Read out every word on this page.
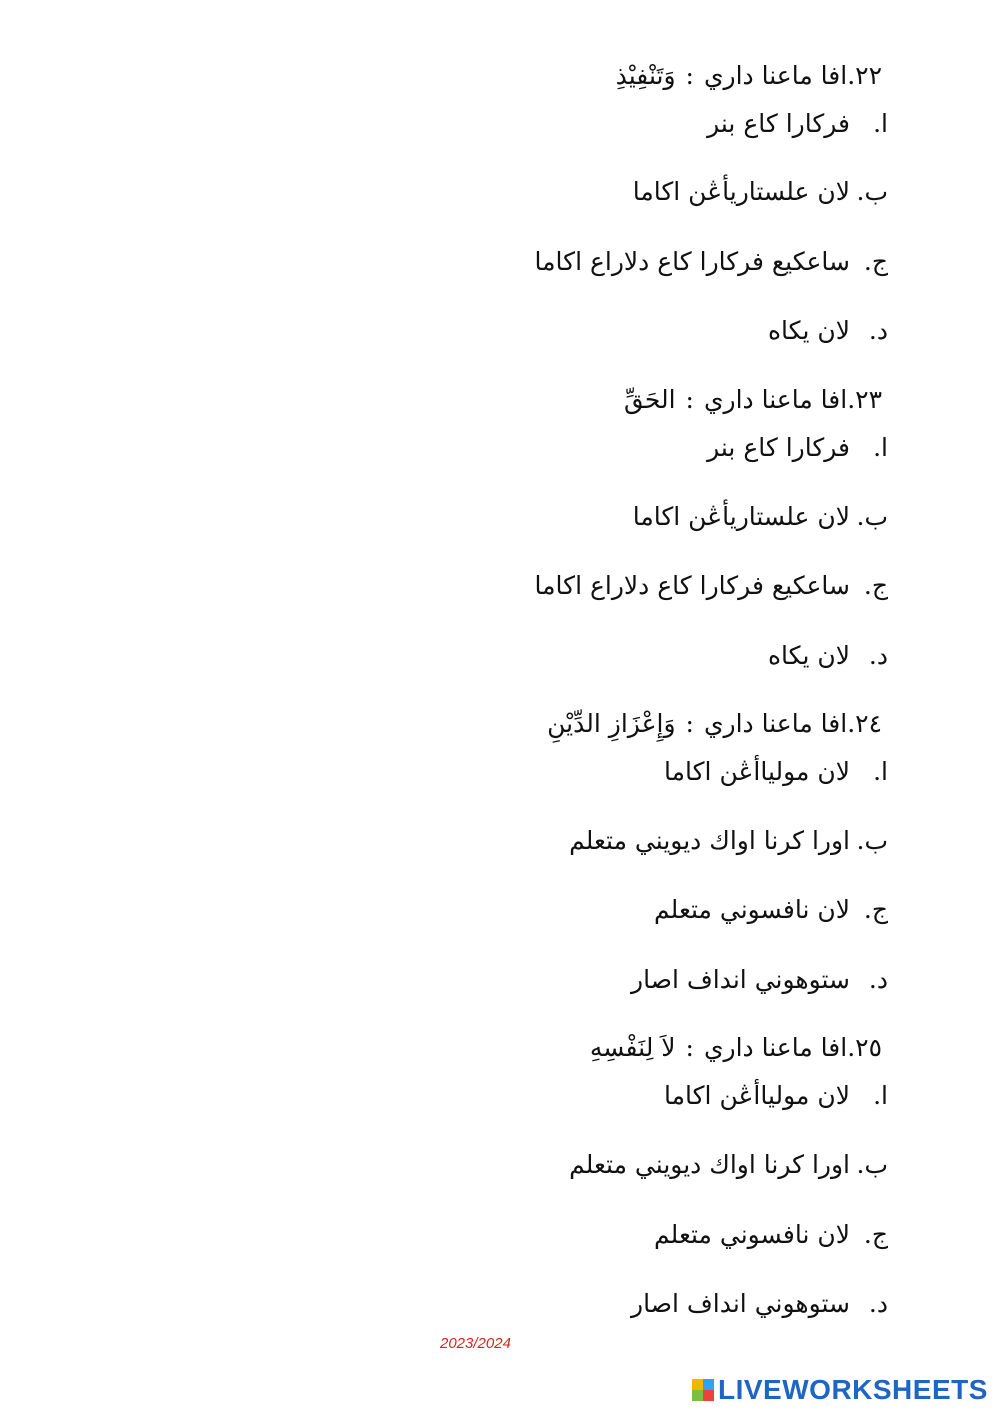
٢٢.افا ماعنا داري:وَتَنْفِيْذِ
ا.فركارا كاع بنر
ب.لان علستاريأڠن اكاما
ج.ساعكيع فركارا كاع دلاراع اكاما
د.لان يكاه
٢٣.افا ماعنا داري:الحَقِّ
ا.فركارا كاع بنر
ب.لان علستاريأڠن اكاما
ج.ساعكيع فركارا كاع دلاراع اكاما
د.لان يكاه
٢٤.افا ماعنا داري:وَإِعْزَازِ الدِّيْنِ
ا.لان مولياأڠن اكاما
ب.اورا كرنا اواك ديويني متعلم
ج.لان نافسوني متعلم
د.ستوهوني انداف اصار
٢٥.افا ماعنا داري:لاَ لِنَفْسِهِ
ا.لان مولياأڠن اكاما
ب.اورا كرنا اواك ديويني متعلم
ج.لان نافسوني متعلم
د.ستوهوني انداف اصار
2023/2024
LIVEWORKSHEETS
